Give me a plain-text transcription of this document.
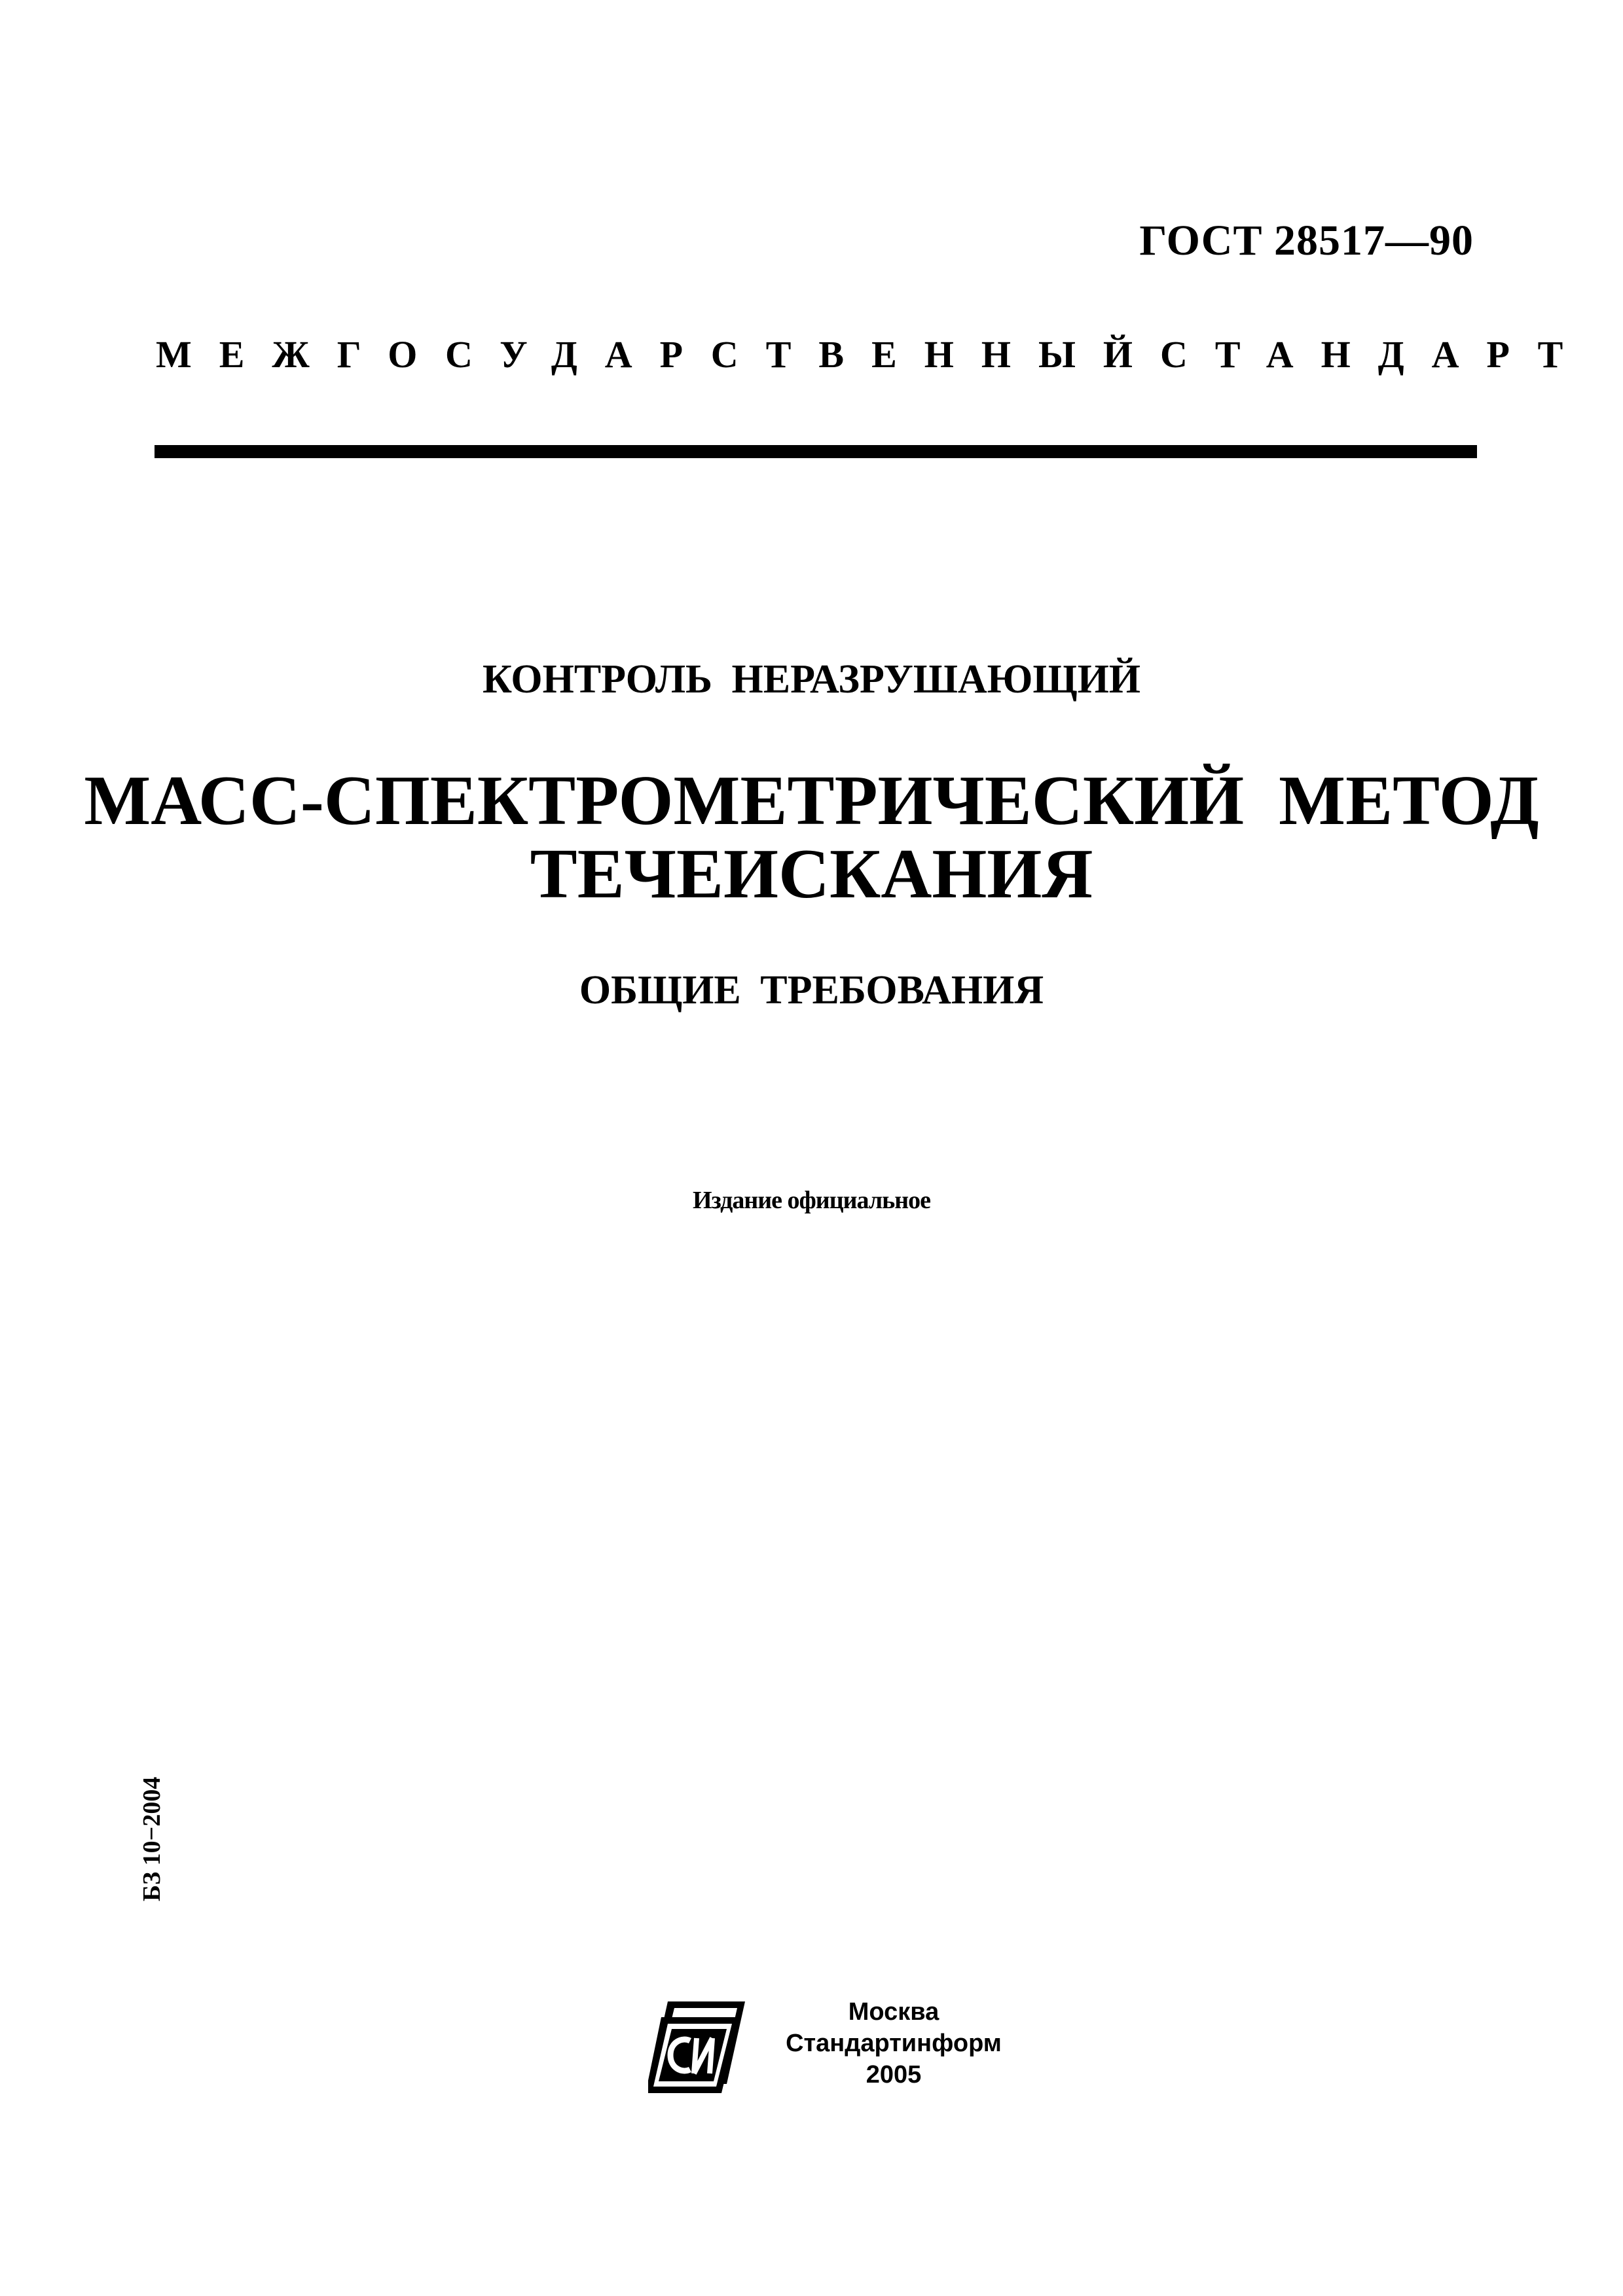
ГОСТ 28517—90
МЕЖГОСУДАРСТВЕННЫЙ СТАНДАРТ
КОНТРОЛЬ НЕРАЗРУШАЮЩИЙ
МАСС-СПЕКТРОМЕТРИЧЕСКИЙ МЕТОД
ТЕЧЕИСКАНИЯ
ОБЩИЕ ТРЕБОВАНИЯ
Издание официальное
БЗ 10−2004
Москва
Стандартинформ
2005
